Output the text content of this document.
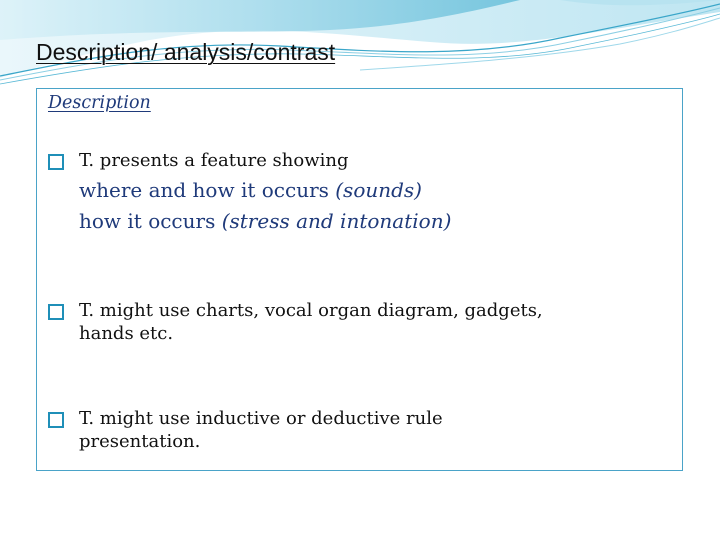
Description/ analysis/contrast
Description
T. presents a feature showing
where and how it occurs (sounds)
how it occurs (stress and intonation)
T. might use charts, vocal organ diagram, gadgets,
hands etc.
T. might use inductive or deductive rule
presentation.
